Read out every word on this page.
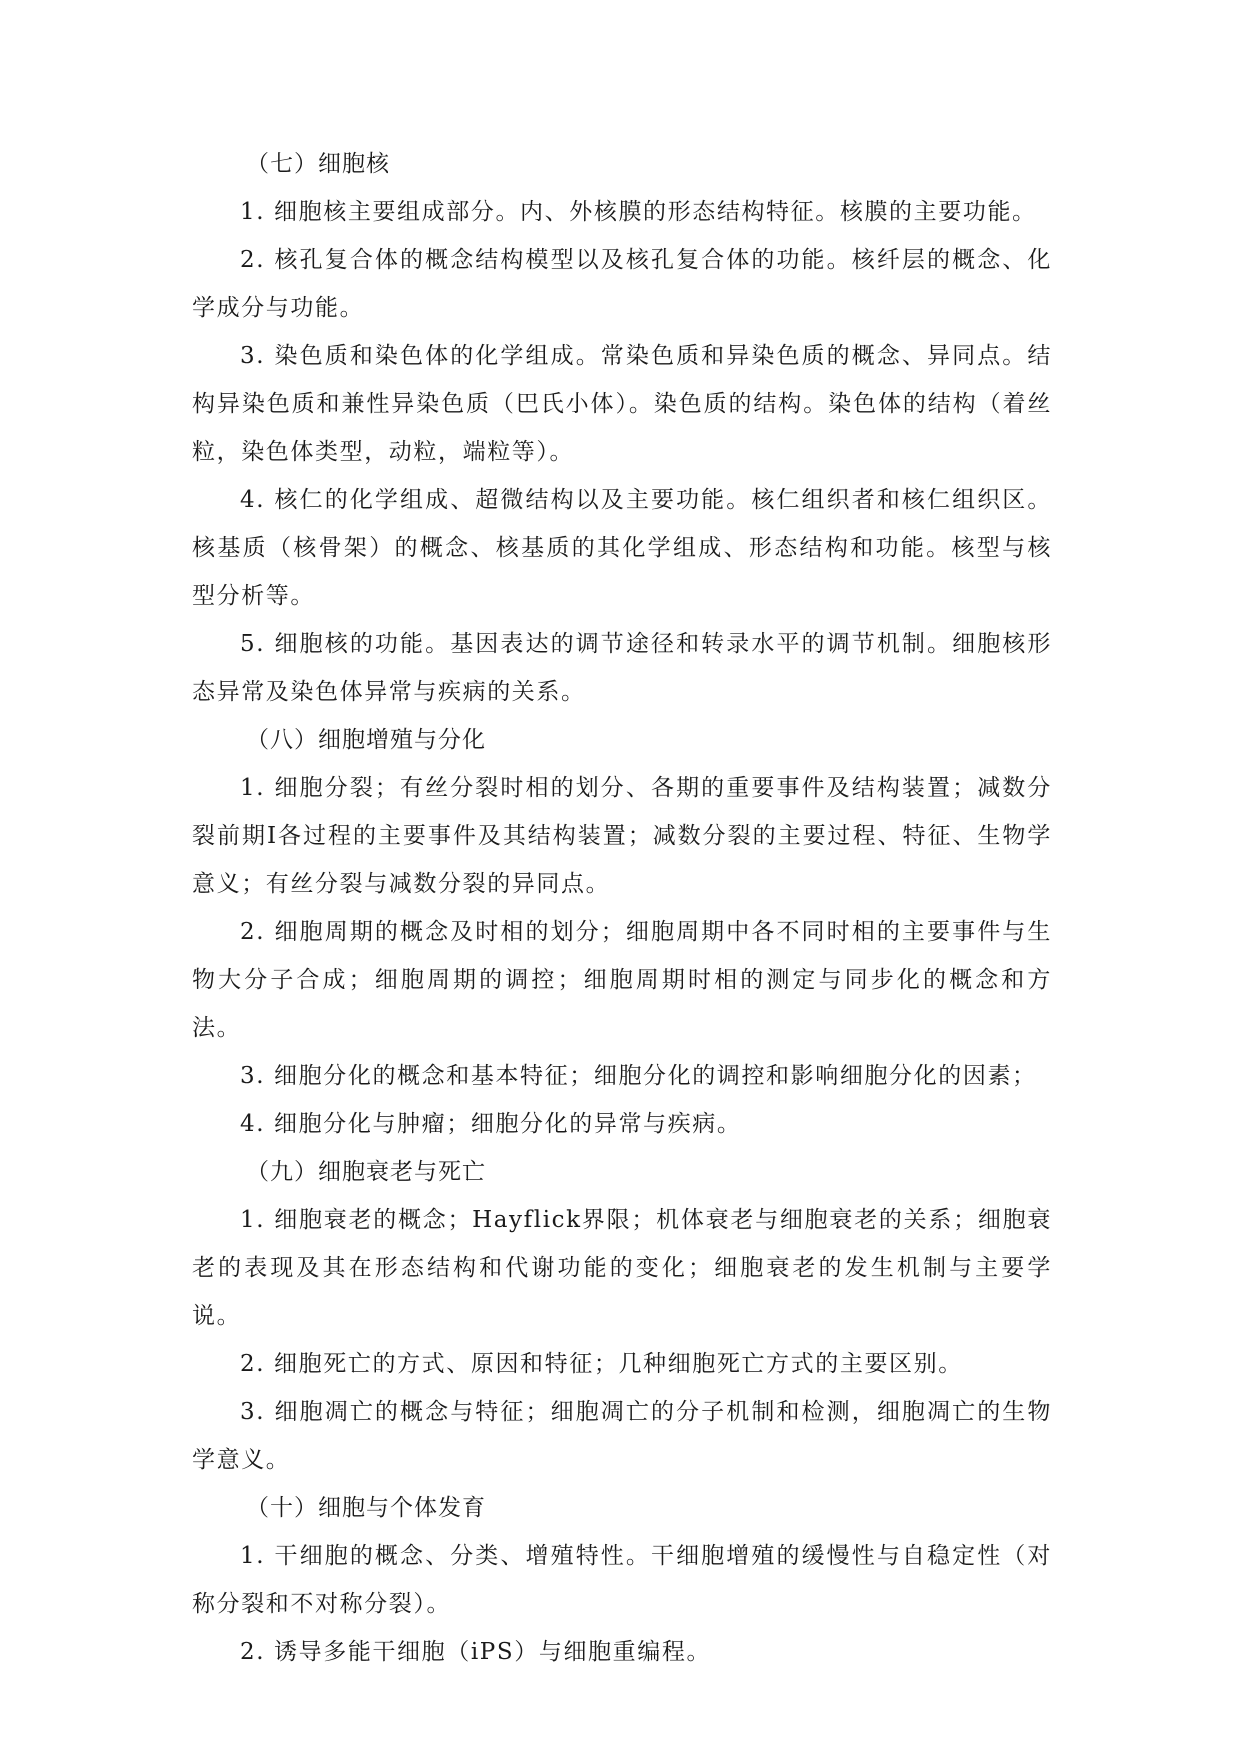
（七）细胞核

1. 细胞核主要组成部分。内、外核膜的形态结构特征。核膜的主要功能。

2. 核孔复合体的概念结构模型以及核孔复合体的功能。核纤层的概念、化学成分与功能。

3. 染色质和染色体的化学组成。常染色质和异染色质的概念、异同点。结构异染色质和兼性异染色质（巴氏小体）。染色质的结构。染色体的结构（着丝粒，染色体类型，动粒，端粒等）。

4. 核仁的化学组成、超微结构以及主要功能。核仁组织者和核仁组织区。核基质（核骨架）的概念、核基质的其化学组成、形态结构和功能。核型与核型分析等。

5. 细胞核的功能。基因表达的调节途径和转录水平的调节机制。细胞核形态异常及染色体异常与疾病的关系。

（八）细胞增殖与分化

1. 细胞分裂；有丝分裂时相的划分、各期的重要事件及结构装置；减数分裂前期I各过程的主要事件及其结构装置；减数分裂的主要过程、特征、生物学意义；有丝分裂与减数分裂的异同点。

2. 细胞周期的概念及时相的划分；细胞周期中各不同时相的主要事件与生物大分子合成；细胞周期的调控；细胞周期时相的测定与同步化的概念和方法。

3. 细胞分化的概念和基本特征；细胞分化的调控和影响细胞分化的因素；

4. 细胞分化与肿瘤；细胞分化的异常与疾病。

（九）细胞衰老与死亡

1. 细胞衰老的概念；Hayflick界限；机体衰老与细胞衰老的关系；细胞衰老的表现及其在形态结构和代谢功能的变化；细胞衰老的发生机制与主要学说。

2. 细胞死亡的方式、原因和特征；几种细胞死亡方式的主要区别。

3. 细胞凋亡的概念与特征；细胞凋亡的分子机制和检测，细胞凋亡的生物学意义。

（十）细胞与个体发育

1. 干细胞的概念、分类、增殖特性。干细胞增殖的缓慢性与自稳定性（对称分裂和不对称分裂）。

2. 诱导多能干细胞（iPS）与细胞重编程。
